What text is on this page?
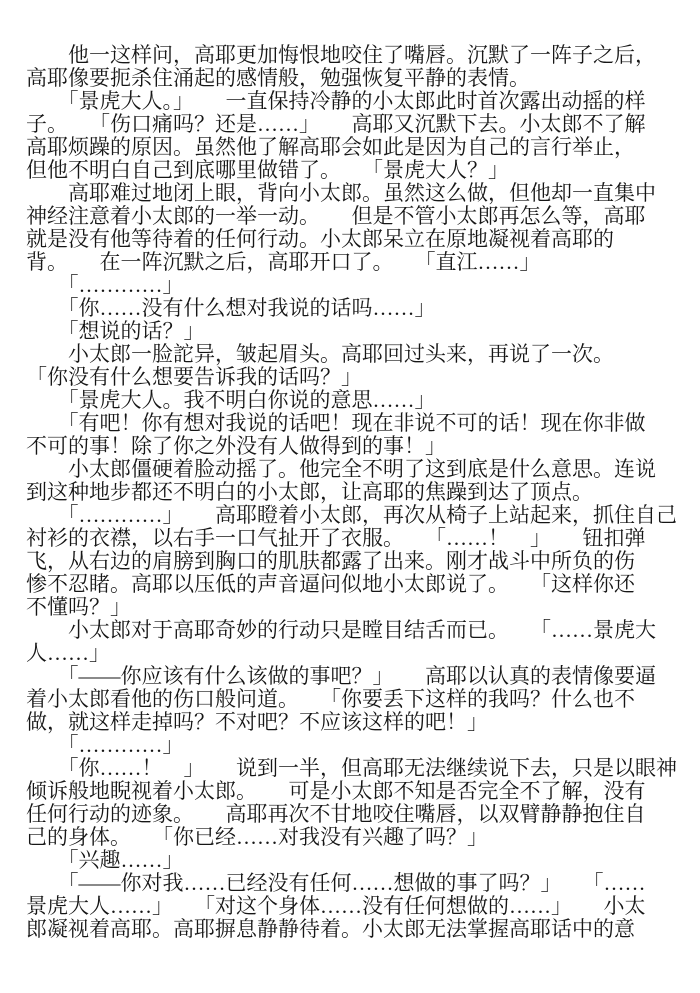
　　他一这样问，高耶更加悔恨地咬住了嘴唇。沉默了一阵子之后，
高耶像要扼杀住涌起的感情般，勉强恢复平静的表情。
　　「景虎大人。」　　一直保持冷静的小太郎此时首次露出动摇的样
子。　　「伤口痛吗？还是……」　　高耶又沉默下去。小太郎不了解
高耶烦躁的原因。虽然他了解高耶会如此是因为自己的言行举止，
但他不明白自己到底哪里做错了。　　「景虎大人？」
　　高耶难过地闭上眼，背向小太郎。虽然这么做，但他却一直集中
神经注意着小太郎的一举一动。　　但是不管小太郎再怎么等，高耶
就是没有他等待着的任何行动。小太郎呆立在原地凝视着高耶的
背。　　在一阵沉默之后，高耶开口了。　　「直江……」
　　「…………」
　　「你……没有什么想对我说的话吗……」
　　「想说的话？」
　　小太郎一脸詑异，皱起眉头。高耶回过头来，再说了一次。
「你没有什么想要告诉我的话吗？」
　　「景虎大人。我不明白你说的意思……」
　　「有吧！你有想对我说的话吧！现在非说不可的话！现在你非做
不可的事！除了你之外没有人做得到的事！」
　　小太郎僵硬着脸动摇了。他完全不明了这到底是什么意思。连说
到这种地步都还不明白的小太郎，让高耶的焦躁到达了顶点。
　　「…………」　　高耶瞪着小太郎，再次从椅子上站起来，抓住自己
衬衫的衣襟，以右手一口气扯开了衣服。　　「……！　」　　钮扣弹
飞，从右边的肩膀到胸口的肌肤都露了出来。刚才战斗中所负的伤
惨不忍睹。高耶以压低的声音逼问似地小太郎说了。　　「这样你还
不懂吗？」
　　小太郎对于高耶奇妙的行动只是瞠目结舌而已。　　「……景虎大
人……」
　　「——你应该有什么该做的事吧？」　　高耶以认真的表情像要逼
着小太郎看他的伤口般问道。　　「你要丢下这样的我吗？什么也不
做，就这样走掉吗？不对吧？不应该这样的吧！」
　　「…………」
　　「你……！　」　　说到一半，但高耶无法继续说下去，只是以眼神
倾诉般地睨视着小太郎。　　可是小太郎不知是否完全不了解，没有
任何行动的迹象。　　高耶再次不甘地咬住嘴唇，以双臂静静抱住自
己的身体。　　「你已经……对我没有兴趣了吗？」
　　「兴趣……」
　　「——你对我……已经没有任何……想做的事了吗？」　　「……
景虎大人……」　　「对这个身体……没有任何想做的……」　　小太
郎凝视着高耶。高耶摒息静静待着。小太郎无法掌握高耶话中的意
